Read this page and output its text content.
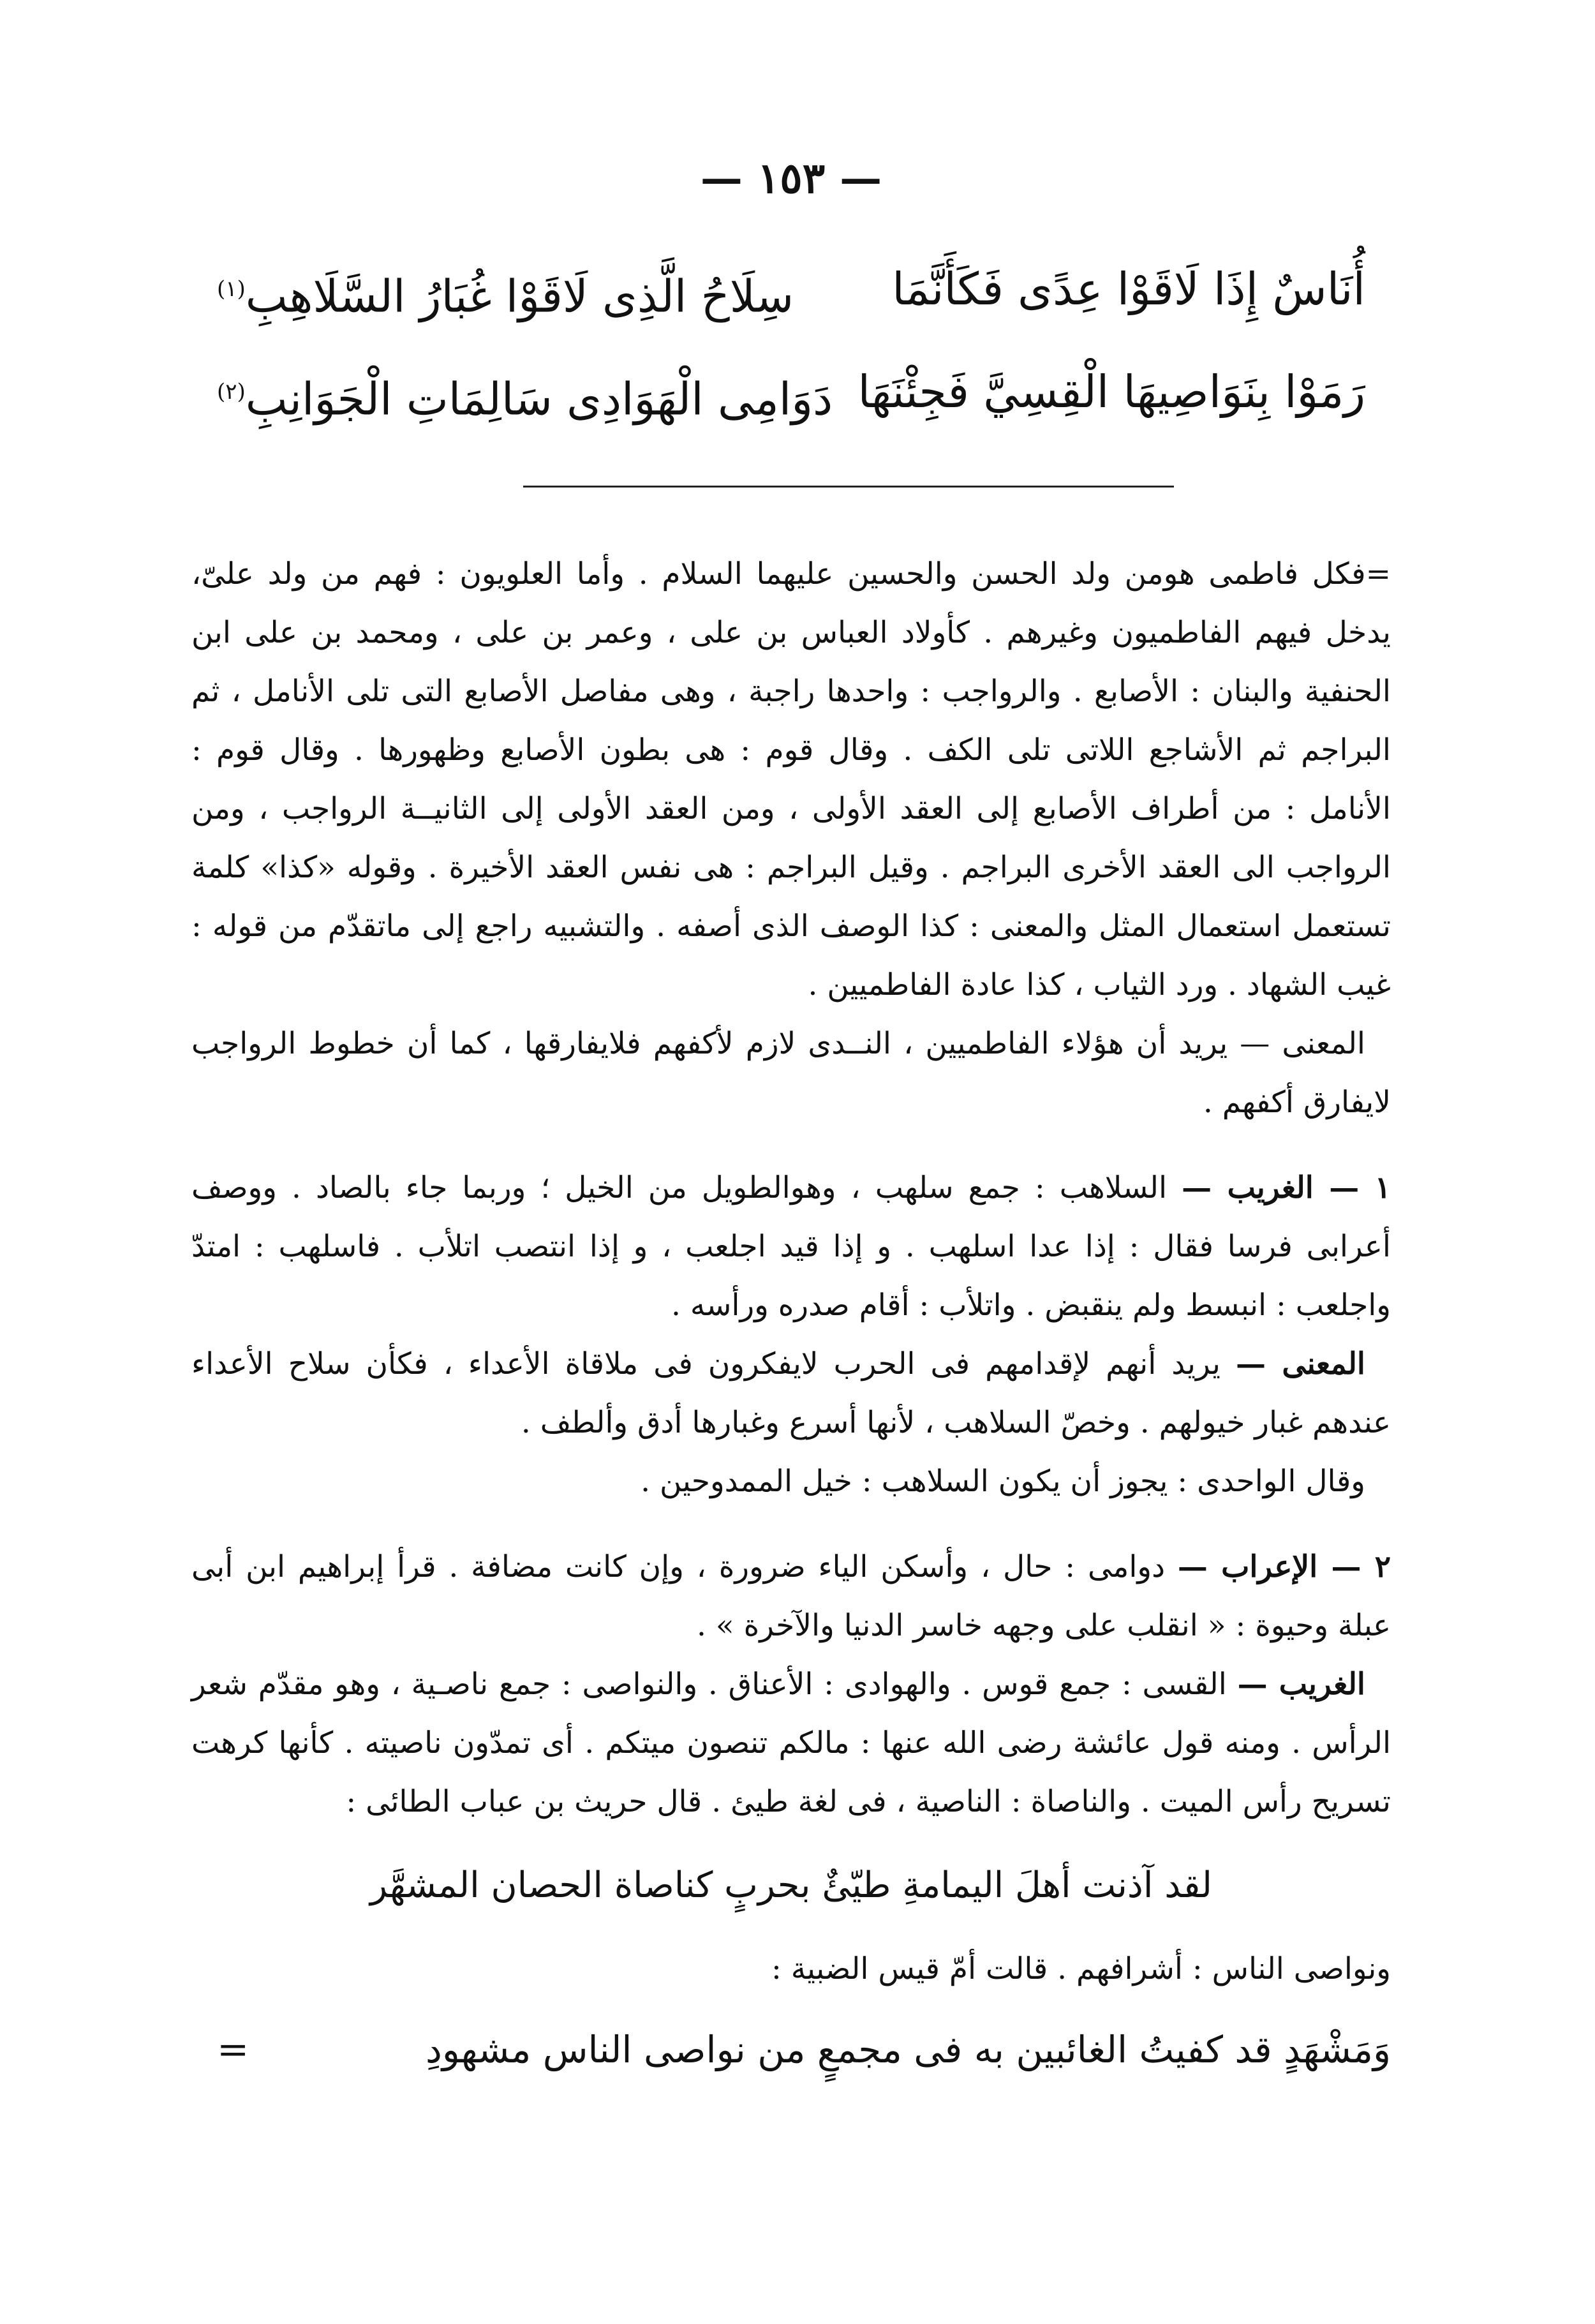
— ١٥٣ —
أُنَاسٌ إِذَا لَاقَوْا عِدًى فَكَأَنَّمَا
سِلَاحُ الَّذِى لَاقَوْا غُبَارُ السَّلَاهِبِ$^{(١)}$
رَمَوْا بِنَوَاصِيهَا الْقِسِيَّ فَجِئْنَهَا
دَوَامِى الْهَوَادِى سَالِمَاتِ الْجَوَانِبِ$^{(٢)}$

=فكل فاطمى هومن ولد الحسن والحسين عليهما السلام . وأما العلويون : فهم من ولد علىّ، يدخل فيهم الفاطميون وغيرهم . كأولاد العباس بن على ، وعمر بن على ، ومحمد بن على ابن الحنفية والبنان : الأصابع . والرواجب : واحدها راجبة ، وهى مفاصل الأصابع التى تلى الأنامل ، ثم البراجم ثم الأشاجع اللاتى تلى الكف . وقال قوم : هى بطون الأصابع وظهورها . وقال قوم : الأنامل : من أطراف الأصابع إلى العقد الأولى ، ومن العقد الأولى إلى الثانيــة الرواجب ، ومن الرواجب الى العقد الأخرى البراجم . وقيل البراجم : هى نفس العقد الأخيرة . وقوله «كذا» كلمة تستعمل استعمال المثل والمعنى : كذا الوصف الذى أصفه . والتشبيه راجع إلى ماتقدّم من قوله : غيب الشهاد . ورد الثياب ، كذا عادة الفاطميين .

المعنى — يريد أن هؤلاء الفاطميين ، النــدى لازم لأكفهم فلايفارقها ، كما أن خطوط الرواجب لايفارق أكفهم .

١ — الغريب — السلاهب : جمع سلهب ، وهوالطويل من الخيل ؛ وربما جاء بالصاد . ووصف أعرابى فرسا فقال : إذا عدا اسلهب . و إذا قيد اجلعب ، و إذا انتصب اتلأب . فاسلهب : امتدّ واجلعب : انبسط ولم ينقبض . واتلأب : أقام صدره ورأسه .

المعنى — يريد أنهم لإقدامهم فى الحرب لايفكرون فى ملاقاة الأعداء ، فكأن سلاح الأعداء عندهم غبار خيولهم . وخصّ السلاهب ، لأنها أسرع وغبارها أدق وألطف .

وقال الواحدى : يجوز أن يكون السلاهب : خيل الممدوحين .

٢ — الإعراب — دوامى : حال ، وأسكن الياء ضرورة ، وإن كانت مضافة . قرأ إبراهيم ابن أبى عبلة وحيوة : « انقلب على وجهه خاسر الدنيا والآخرة » .

الغريب — القسى : جمع قوس . والهوادى : الأعناق . والنواصى : جمع ناصـية ، وهو مقدّم شعر الرأس . ومنه قول عائشة رضى الله عنها : مالكم تنصون ميتكم . أى تمدّون ناصيته . كأنها كرهت تسريح رأس الميت . والناصاة : الناصية ، فى لغة طيئ . قال حريث بن عباب الطائى :

لقد آذنت أهلَ اليمامةِ طيّئٌ بحربٍ كناصاة الحصان المشهَّر

ونواصى الناس : أشرافهم . قالت أمّ قيس الضبية :

وَمَشْهَدٍ قد كفيتُ الغائبين به فى مجمعٍ من نواصى الناس مشهودِ
=
